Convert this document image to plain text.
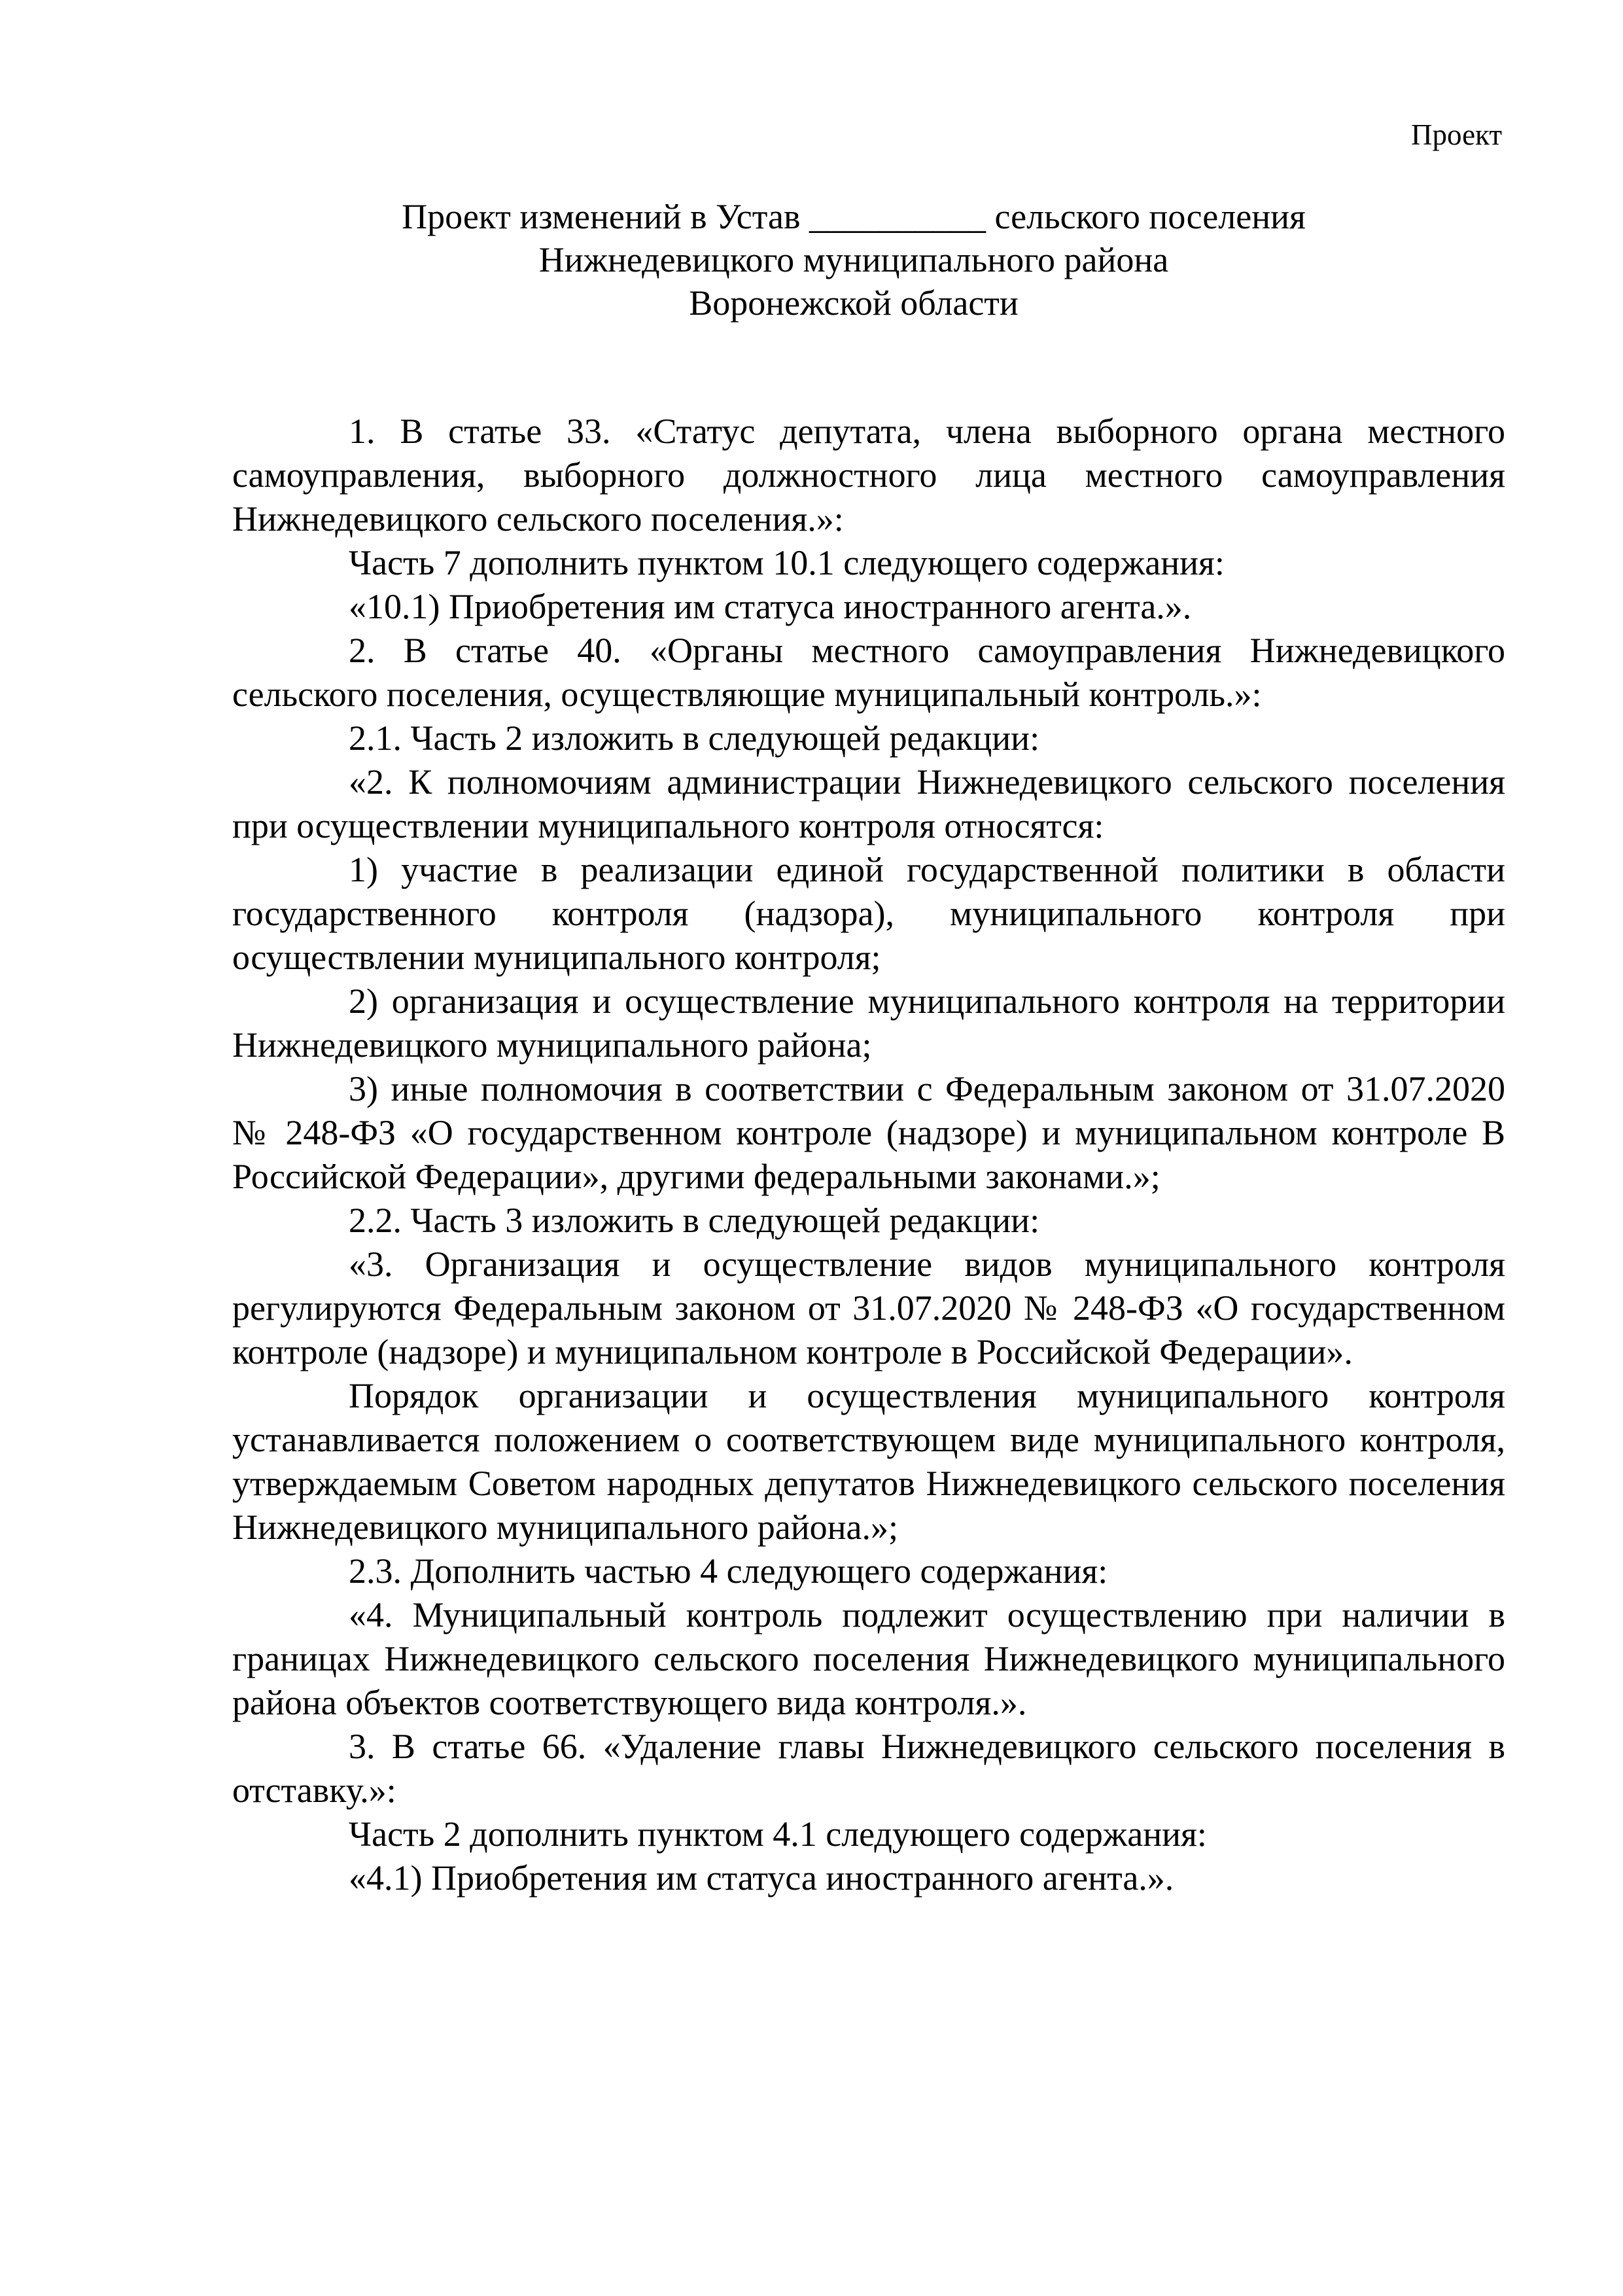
Проект
Проект изменений в Устав __________ сельского поселения
Нижнедевицкого муниципального района
Воронежской области

1. В статье 33. «Статус депутата, члена выборного органа местного самоуправления, выборного должностного лица местного самоуправления Нижнедевицкого сельского поселения.»:

Часть 7 дополнить пунктом 10.1 следующего содержания:

«10.1) Приобретения им статуса иностранного агента.».

2. В статье 40. «Органы местного самоуправления Нижнедевицкого сельского поселения, осуществляющие муниципальный контроль.»:

2.1. Часть 2 изложить в следующей редакции:

«2. К полномочиям администрации Нижнедевицкого сельского поселения при осуществлении муниципального контроля относятся:

1) участие в реализации единой государственной политики в области государственного контроля (надзора), муниципального контроля при осуществлении муниципального контроля;

2) организация и осуществление муниципального контроля на территории Нижнедевицкого муниципального района;

3) иные полномочия в соответствии с Федеральным законом от 31.07.2020 № 248-ФЗ «О государственном контроле (надзоре) и муниципальном контроле В Российской Федерации», другими федеральными законами.»;

2.2. Часть 3 изложить в следующей редакции:

«3. Организация и осуществление видов муниципального контроля регулируются Федеральным законом от 31.07.2020 № 248-ФЗ «О государственном контроле (надзоре) и муниципальном контроле в Российской Федерации».

Порядок организации и осуществления муниципального контроля устанавливается положением о соответствующем виде муниципального контроля, утверждаемым Советом народных депутатов Нижнедевицкого сельского поселения Нижнедевицкого муниципального района.»;

2.3. Дополнить частью 4 следующего содержания:

«4. Муниципальный контроль подлежит осуществлению при наличии в границах Нижнедевицкого сельского поселения Нижнедевицкого муниципального района объектов соответствующего вида контроля.».

3. В статье 66. «Удаление главы Нижнедевицкого сельского поселения в отставку.»:

Часть 2 дополнить пунктом 4.1 следующего содержания:

«4.1) Приобретения им статуса иностранного агента.».
